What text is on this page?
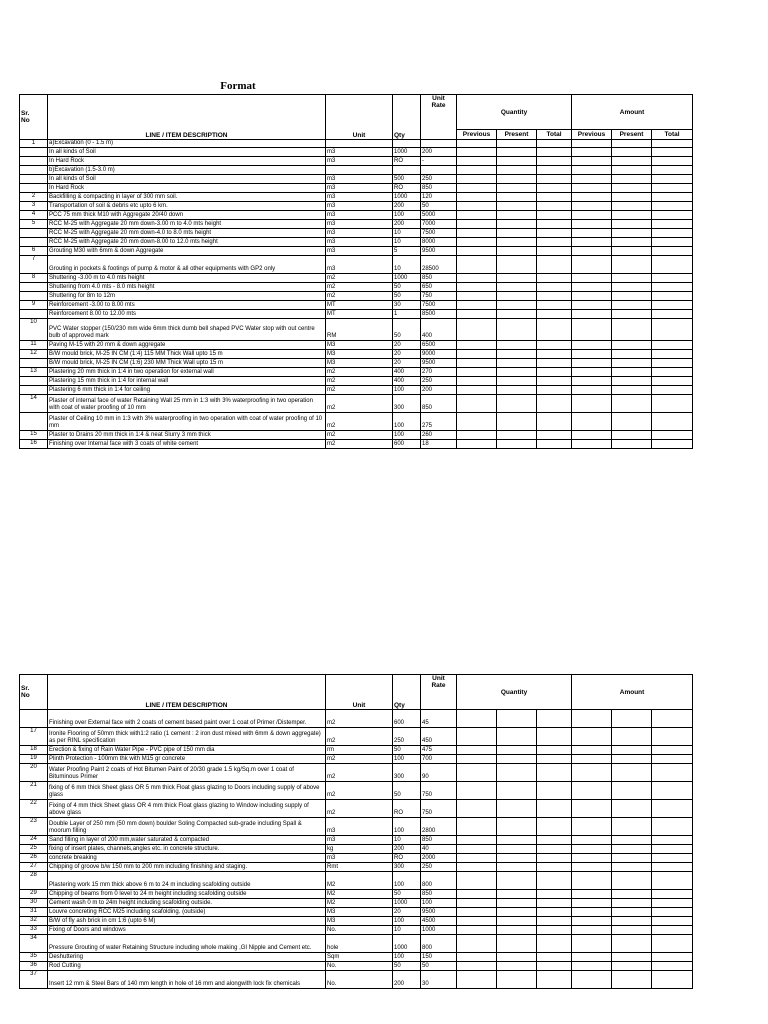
Format
Sr.
No	LINE / ITEM DESCRIPTION	Unit	Qty	Unit
Rate	Quantity			Amount		
					Previous	Present	Total	Previous	Present	Total
1	a)Excavation (0 - 1.5 m)									
	In all kinds of Soil	m3	1000	200						
	In Hard Rock	m3	RO	-						
	b)Excavation (1.5-3.0 m)									
	In all kinds of Soil	m3	500	250						
	In Hard Rock	m3	RO	850						
2	Backfilling & compacting in layer of 300 mm soil.	m3	1000	120						
3	Transportation of soil & debris etc upto 6 km.	m3	200	50						
4	PCC 75 mm thick M10 with Aggregate 20/40 down	m3	100	5000						
5	RCC M-25 with Aggregate 20 mm down-3.00 m to 4.0 mts height	m3	200	7000						
	RCC M-25 with Aggregate 20 mm down-4.0 to 8.0 mts height	m3	10	7500						
	RCC M-25 with Aggregate 20 mm down-8.00 to 12.0 mts height	m3	10	8000						
6	Grouting M30 with 6mm & down Aggregate	m3	5	9500						
7	Grouting in pockets & footings of pump & motor & all other equipments with GP2 only	m3	10	28500						
8	Shuttering -3.00 m to 4.0 mts height	m2	1000	850						
	Shuttering from 4.0 mts - 8.0 mts height	m2	50	650						
	Shuttering for 8m to 12m	m2	50	750						
9	Reinforcement -3.00 to 8.00 mts	MT	30	7500						
	Reinforcement 8.00 to 12.00 mts	MT	1	8500						
10	PVC Water stopper (150/230 mm wide 6mm thick dumb bell shaped PVC Water stop with out centre bulb of approved mark	RM	50	400						
11	Paving M-15 with 20 mm & down aggregate	M3	20	6500						
12	B/W mould brick, M-25 IN CM (1:4) 115 MM Thick Wall upto 15 m	M3	20	9000						
	B/W mould brick, M-25 IN CM (1:6) 230 MM Thick Wall upto 15 m	M3	20	9500						
13	Plastering 20 mm thick in 1:4 in two operation for external wall	m2	400	270						
	Plastering 15 mm thick in 1:4 for internal wall	m2	400	250						
	Plastering 6 mm thick in 1:4 for ceiling	m2	100	200						
14	Plaster of internal face of water Retaining Wall 25 mm in 1:3 with 3% waterproofing in two operation with coat of water proofing of 10 mm	m2	300	850						
	Plaster of Ceiling 10 mm in 1:3 with 3% waterproofing in two operation with coat of water proofing of 10 mm	m2	100	275						
15	Plaster to Drains 20 mm thick in 1:4 & neat Slurry 3 mm thick	m2	100	260						
16	Finishing over Internal face with 3 coats of white cement	m2	600	18						
Sr.
No	LINE / ITEM DESCRIPTION	Unit	Qty	Unit
Rate	Quantity			Amount		
	Finishing over External face with 2 coats of cement based paint over 1 coat of Primer /Distemper.	m2	600	45						
17	Ironite Flooring of 50mm thick with1:2 ratio (1 cement : 2 iron dust mixed with 6mm & down aggregate) as per RINL specification	m2	250	450						
18	Erection & fixing of Rain Water Pipe - PVC pipe of 150 mm dia	rm	50	475						
19	Plinth Protection - 100mm thk with M15 gr concrete	m2	100	700						
20	Water Proofing Paint 2 coats of Hot Bitumen Paint of 20/30 grade 1.5 kg/Sq.m over 1 coat of Bituminous Primer	m2	300	90						
21	fixing of 6 mm thick Sheet glass OR 5 mm thick Float glass glazing to Doors including supply of above glass	m2	50	750						
22	Fixing of 4 mm thick Sheet glass OR 4 mm thick Float glass glazing to Window including supply of above glass	m2	RO	750						
23	Double Layer of 250 mm (50 mm down) boulder Soling Compacted sub-grade including Spall & moorum filling	m3	100	2800						
24	Sand filling in layer of 200 mm,water saturated & compacted	m3	10	850						
25	fixing of insert plates, channels,angles etc. in concrete structure.	kg	200	40						
26	concrete breaking	m3	RO	2000						
27	Chipping of groove b/w 150 mm to 200 mm including finishing and staging.	Rmt	300	250						
28	Plastering work 15 mm thick above 6 m to 24 m including scafolding outside	M2	100	800						
29	Chipping of beams from 0 level to 24 m height including scafolding outside	M2	50	850						
30	Cement wash 0 m to 24m height including scafolding outside.	M2	1000	100						
31	Louvre concreting RCC M25 including scafolding. (outside)	M3	20	9500						
32	B/W of fly ash brick in cm 1:6 (upto 6 M)	M3	100	4500						
33	Fixing of Doors and windows	No.	10	1000						
34	Pressure Grouting of water Retaining Structure including whole making ,GI Nipple and Cement etc.	hole	1000	800						
35	Deshuttering	Sqm	100	150						
36	Rod Cutting	No.	50	50						
37	Insert 12 mm & Steel Bars of 140 mm length in hole of 16 mm and alongwith lock fix chemicals	No.	200	30						
